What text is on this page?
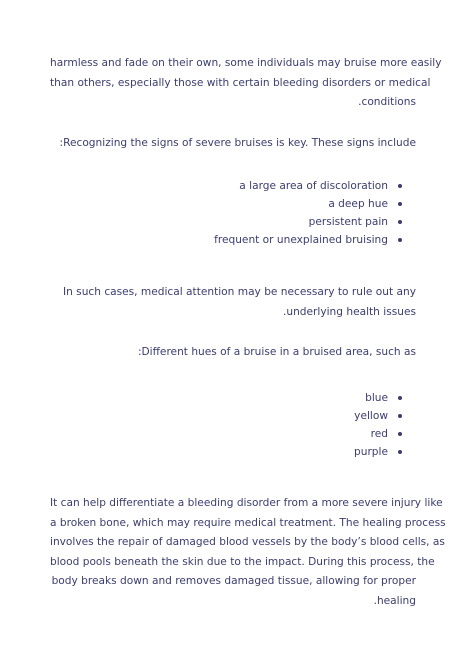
harmless and fade on their own, some individuals may bruise more easily
than others, especially those with certain bleeding disorders or medical
.conditions

:Recognizing the signs of severe bruises is key. These signs include

a large area of discoloration
a deep hue
persistent pain
frequent or unexplained bruising

In such cases, medical attention may be necessary to rule out any
.underlying health issues

:Different hues of a bruise in a bruised area, such as

blue
yellow
red
purple

It can help differentiate a bleeding disorder from a more severe injury like
a broken bone, which may require medical treatment. The healing process
involves the repair of damaged blood vessels by the body’s blood cells, as
blood pools beneath the skin due to the impact. During this process, the
body breaks down and removes damaged tissue, allowing for proper
.healing
